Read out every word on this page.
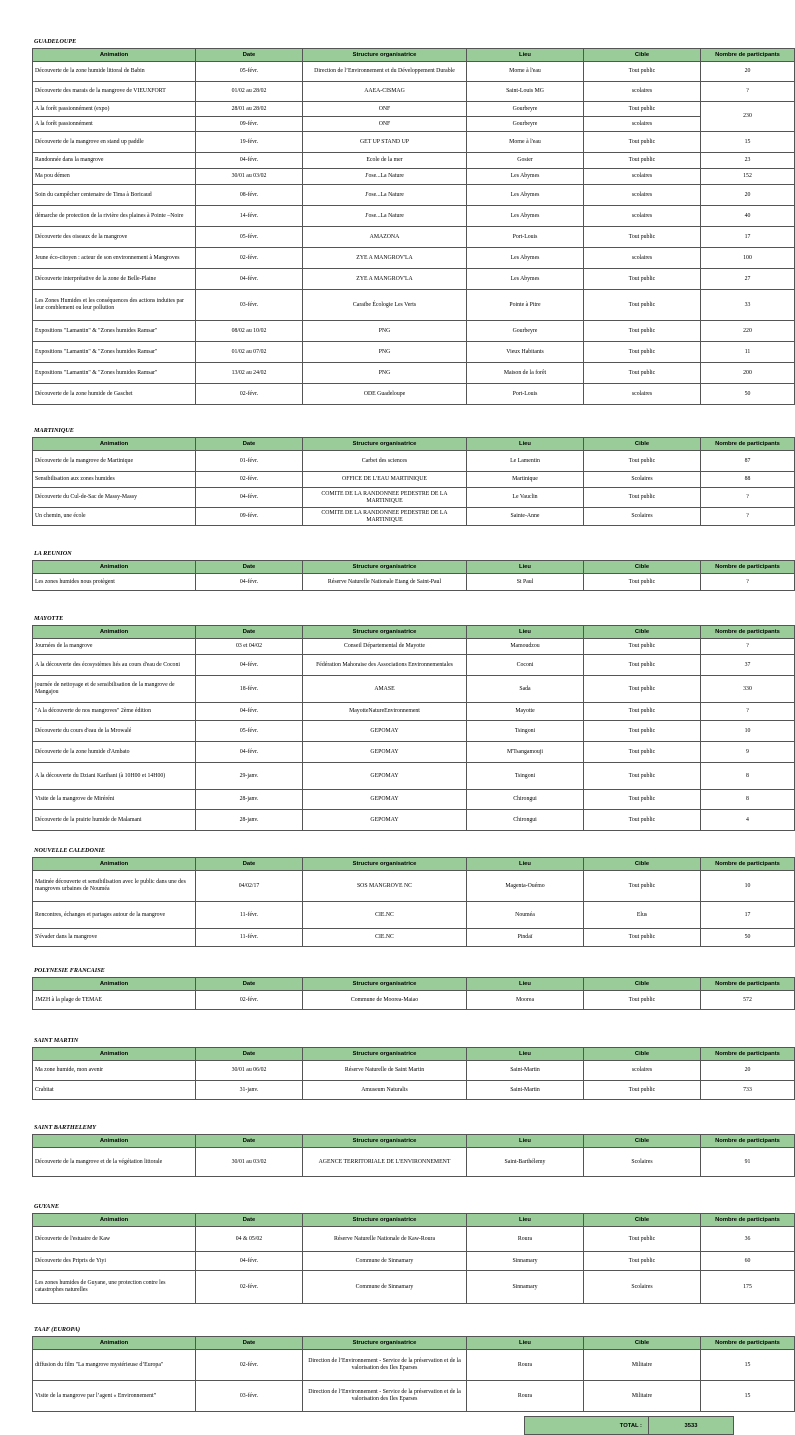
GUADELOUPE
Animation	Date	Structure organisatrice	Lieu	Cible	Nombre de participants
Découverte de la zone humide littoral de Babin	05-févr.	Direction de l’Environnement et du Développement Durable	Morne à l'eau	Tout public	20
Découverte des marais de la mangrove de VIEUXFORT	01/02 au 28/02	AAEA-CISMAG	Saint-Louis MG	scolaires	?
A la forêt passionnément (expo)	28/01 au 28/02	ONF	Gourbeyre	Tout public	230
A la forêt passionnément	09-févr.	ONF	Gourbeyre	scolaires	
Découverte de la mangrove en stand up paddle	19-févr.	GET UP STAND UP	Morne à l'eau	Tout public	15
Randonnée dans la mangrove	04-févr.	Ecole de la mer	Gosier	Tout public	23
Ma pou démen	30/01 au 03/02	J'ose...La Nature	Les Abymes	scolaires	152
Soin du campêcher centenaire de Tima à Boricaud	08-févr.	J'ose...La Nature	Les Abymes	scolaires	20
démarche de protection de la rivière des plaines à Pointe –Noire	14-févr.	J'ose...La Nature	Les Abymes	scolaires	40
Découverte des oiseaux de la mangrove	05-févr.	AMAZONA	Port-Louis	Tout public	17
Jeune éco-citoyen : acteur de son environnement à Mangroves	02-févr.	ZYE A MANGROV'LA	Les Abymes	scolaires	100
Découverte interprétative de la zone de Belle-Plaine	04-févr.	ZYE A MANGROV'LA	Les Abymes	Tout public	27
Les Zones Humides et les conséquences des actions induites par leur comblement ou leur pollution	03-févr.	Caraïbe Écologie Les Verts	Pointe à Pitre	Tout public	33
Expositions "Lamantin" & "Zones humides Ramsar"	08/02 au 10/02	PNG	Gourbeyre	Tout public	220
Expositions "Lamantin" & "Zones humides Ramsar"	01/02 au 07/02	PNG	Vieux Habitants	Tout public	11
Expositions "Lamantin" & "Zones humides Ramsar"	13/02 au 24/02	PNG	Maison de la forêt	Tout public	200
Découverte de la zone humide de Gaschet	02-févr.	ODE Guadeloupe	Port-Louis	scolaires	50
MARTINIQUE
Animation	Date	Structure organisatrice	Lieu	Cible	Nombre de participants
Découverte de la mangrove de Martinique	01-févr.	Carbet des sciences	Le Lamentin	Tout public	87
Sensibilisation aux zones humides	02-févr.	OFFICE DE L'EAU MARTINIQUE	Martinique	Scolaires	88
Découverte du Cul-de-Sac de Massy-Massy	04-févr.	COMITE DE LA RANDONNEE PEDESTRE DE LA MARTINIQUE	Le Vauclin	Tout public	?
Un chemin, une école	09-févr.	COMITE DE LA RANDONNEE PEDESTRE DE LA MARTINIQUE	Sainte-Anne	Scolaires	?
LA REUNION
Animation	Date	Structure organisatrice	Lieu	Cible	Nombre de participants
Les zones humides nous protègent	04-févr.	Réserve Naturelle Nationale Etang de Saint-Paul	St Paul	Tout public	?
MAYOTTE
Animation	Date	Structure organisatrice	Lieu	Cible	Nombre de participants
Journées de la mangrove	03 et 04/02	Conseil Départemental de Mayotte	Mamoudzou	Tout public	?
A la découverte des écosystèmes liés au cours d'eau de Coconi	04-févr.	Fédération Mahoraise des Associations Environnementales	Coconi	Tout public	37
journée de nettoyage et de sensibilisation de la mangrove de Mangajou	18-févr.	AMASE	Sada	Tout public	330
"A la découverte de nos mangroves" 2ème édition	04-févr.	MayotteNatureEnvironnement	Mayotte	Tout public	?
Découverte du cours d'eau de la Mrowalé	05-févr.	GEPOMAY	Tsingoni	Tout public	10
Découverte de la zone humide d'Ambato	04-févr.	GEPOMAY	M'Tsangamouji	Tout public	9
A la découverte du Dziani Karihani (à 10H00 et 14H00)	29-janv.	GEPOMAY	Tsingoni	Tout public	8
Visite de la mangrove de Miréréni	28-janv.	GEPOMAY	Chirongui	Tout public	8
Découverte de la prairie humide de Malamani	28-janv.	GEPOMAY	Chirongui	Tout public	4
NOUVELLE CALEDONIE
Animation	Date	Structure organisatrice	Lieu	Cible	Nombre de participants
Matinée découverte et sensibilisation avec le public dans une des mangroves urbaines de Nouméa	04/02/17	SOS MANGROVE NC	Magenta-Ouémo	Tout public	10
Rencontres, échanges et partages autour de la mangrove	11-févr.	CIE.NC	Nouméa	Elus	17
S'évader dans la mangrove	11-févr.	CIE.NC	Pindaï	Tout public	50
POLYNESIE FRANCAISE
Animation	Date	Structure organisatrice	Lieu	Cible	Nombre de participants
JMZH à la plage de TEMAE	02-févr.	Commune de Moorea-Maiao	Moorea	Tout public	572
SAINT MARTIN
Animation	Date	Structure organisatrice	Lieu	Cible	Nombre de participants
Ma zone humide, mon avenir	30/01 au 06/02	Réserve Naturelle de Saint Martin	Saint-Martin	scolaires	20
Crabitat	31-janv.	Amuseum Naturalis	Saint-Martin	Tout public	733
SAINT BARTHELEMY
Animation	Date	Structure organisatrice	Lieu	Cible	Nombre de participants
Découverte de la mangrove et de la végétation littorale	30/01 au 03/02	AGENCE TERRITORIALE DE L'ENVIRONNEMENT	Saint-Barthélemy	Scolaires	91
GUYANE
Animation	Date	Structure organisatrice	Lieu	Cible	Nombre de participants
Découverte de l'estuaire de Kaw	04 & 05/02	Réserve Naturelle Nationale de Kaw-Roura	Roura	Tout public	36
Découverte des Pripris de Yiyi	04-févr.	Commune de Sinnamary	Sinnamary	Tout public	60
Les zones humides de Guyane, une protection contre les catastrophes naturelles	02-févr.	Commune de Sinnamary	Sinnamary	Scolaires	175
TAAF (EUROPA)
Animation	Date	Structure organisatrice	Lieu	Cible	Nombre de participants
diffusion du film "La mangrove mystérieuse d’Europa"	02-févr.	Direction de l’Environnement - Service de la préservation et de la valorisation des Iles Eparses	Roura	Militaire	15
Visite de la mangrove par l’agent « Environnement”	03-févr.	Direction de l’Environnement - Service de la préservation et de la valorisation des Iles Eparses	Roura	Militaire	15
TOTAL :	3533
